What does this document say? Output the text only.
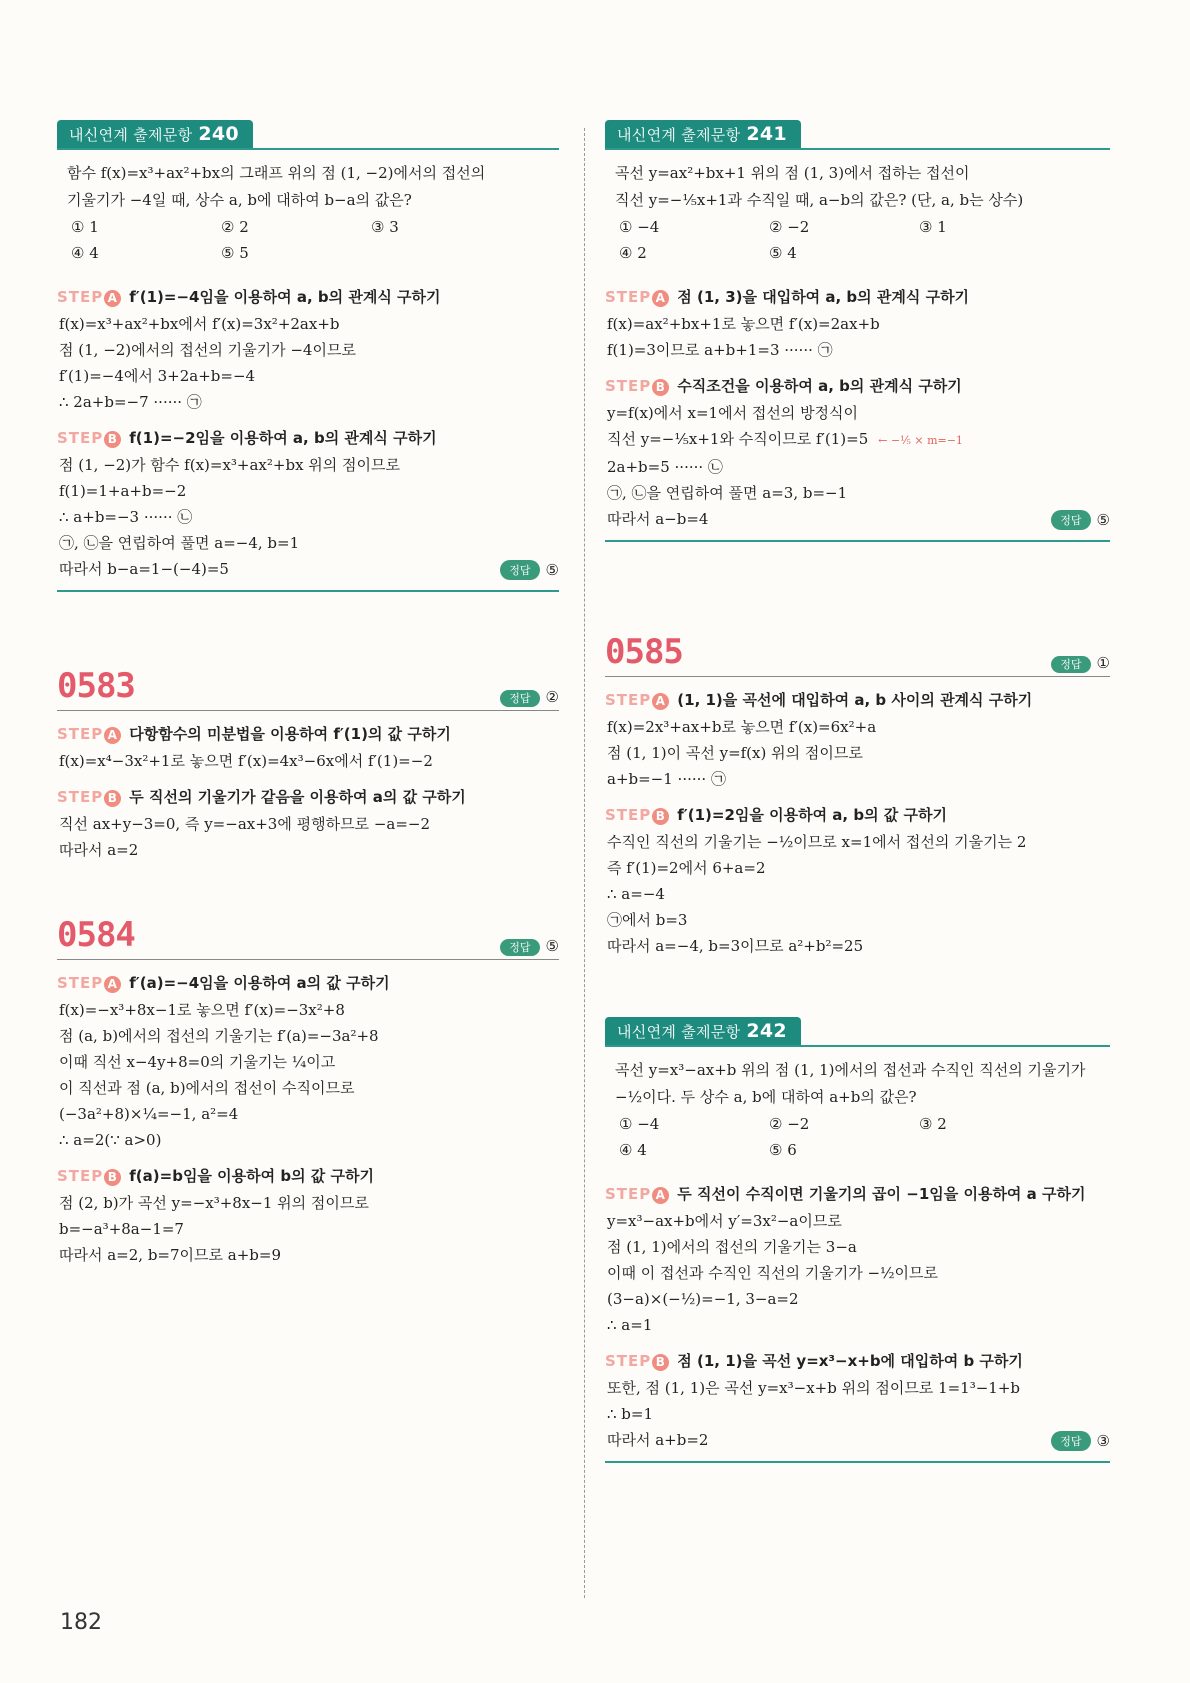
내신연계 출제문항 240
함수 f(x)=x³+ax²+bx의 그래프 위의 점 (1, −2)에서의 접선의
기울기가 −4일 때, 상수 a, b에 대하여 b−a의 값은?
① 1	② 2	③ 3
④ 4	⑤ 5
STEP A f′(1)=−4임을 이용하여 a, b의 관계식 구하기
f(x)=x³+ax²+bx에서 f′(x)=3x²+2ax+b
점 (1, −2)에서의 접선의 기울기가 −4이므로
f′(1)=−4에서 3+2a+b=−4
∴ 2a+b=−7 ······ ㉠
STEP B f(1)=−2임을 이용하여 a, b의 관계식 구하기
점 (1, −2)가 함수 f(x)=x³+ax²+bx 위의 점이므로
f(1)=1+a+b=−2
∴ a+b=−3 ······ ㉡
㉠, ㉡을 연립하여 풀면 a=−4, b=1
따라서 b−a=1−(−4)=5	정답	⑤
0583	정답 ②
STEP A 다항함수의 미분법을 이용하여 f′(1)의 값 구하기
f(x)=x⁴−3x²+1로 놓으면 f′(x)=4x³−6x에서 f′(1)=−2
STEP B 두 직선의 기울기가 같음을 이용하여 a의 값 구하기
직선 ax+y−3=0, 즉 y=−ax+3에 평행하므로 −a=−2
따라서 a=2
0584	정답 ⑤
STEP A f′(a)=−4임을 이용하여 a의 값 구하기
f(x)=−x³+8x−1로 놓으면 f′(x)=−3x²+8
점 (a, b)에서의 접선의 기울기는 f′(a)=−3a²+8
이때 직선 x−4y+8=0의 기울기는 ¼이고
이 직선과 점 (a, b)에서의 접선이 수직이므로
(−3a²+8)×¼=−1, a²=4
∴ a=2(∵ a>0)
STEP B f(a)=b임을 이용하여 b의 값 구하기
점 (2, b)가 곡선 y=−x³+8x−1 위의 점이므로
b=−a³+8a−1=7
따라서 a=2, b=7이므로 a+b=9
내신연계 출제문항 241
곡선 y=ax²+bx+1 위의 점 (1, 3)에서 접하는 접선이
직선 y=−⅕x+1과 수직일 때, a−b의 값은? (단, a, b는 상수)
① −4	② −2	③ 1
④ 2	⑤ 4
STEP A 점 (1, 3)을 대입하여 a, b의 관계식 구하기
f(x)=ax²+bx+1로 놓으면 f′(x)=2ax+b
f(1)=3이므로 a+b+1=3 ······ ㉠
STEP B 수직조건을 이용하여 a, b의 관계식 구하기
y=f(x)에서 x=1에서 접선의 방정식이
직선 y=−⅕x+1와 수직이므로 f′(1)=5 ← −⅕ × m=−1
2a+b=5 ······ ㉡
㉠, ㉡을 연립하여 풀면 a=3, b=−1
따라서 a−b=4	정답	⑤
0585	정답 ①
STEP A (1, 1)을 곡선에 대입하여 a, b 사이의 관계식 구하기
f(x)=2x³+ax+b로 놓으면 f′(x)=6x²+a
점 (1, 1)이 곡선 y=f(x) 위의 점이므로
a+b=−1 ······ ㉠
STEP B f′(1)=2임을 이용하여 a, b의 값 구하기
수직인 직선의 기울기는 −½이므로 x=1에서 접선의 기울기는 2
즉 f′(1)=2에서 6+a=2
∴ a=−4
㉠에서 b=3
따라서 a=−4, b=3이므로 a²+b²=25
내신연계 출제문항 242
곡선 y=x³−ax+b 위의 점 (1, 1)에서의 접선과 수직인 직선의 기울기가
−½이다. 두 상수 a, b에 대하여 a+b의 값은?
① −4	② −2	③ 2
④ 4	⑤ 6
STEP A 두 직선이 수직이면 기울기의 곱이 −1임을 이용하여 a 구하기
y=x³−ax+b에서 y′=3x²−a이므로
점 (1, 1)에서의 접선의 기울기는 3−a
이때 이 접선과 수직인 직선의 기울기가 −½이므로
(3−a)×(−½)=−1, 3−a=2
∴ a=1
STEP B 점 (1, 1)을 곡선 y=x³−x+b에 대입하여 b 구하기
또한, 점 (1, 1)은 곡선 y=x³−x+b 위의 점이므로 1=1³−1+b
∴ b=1
따라서 a+b=2	정답	③
182
